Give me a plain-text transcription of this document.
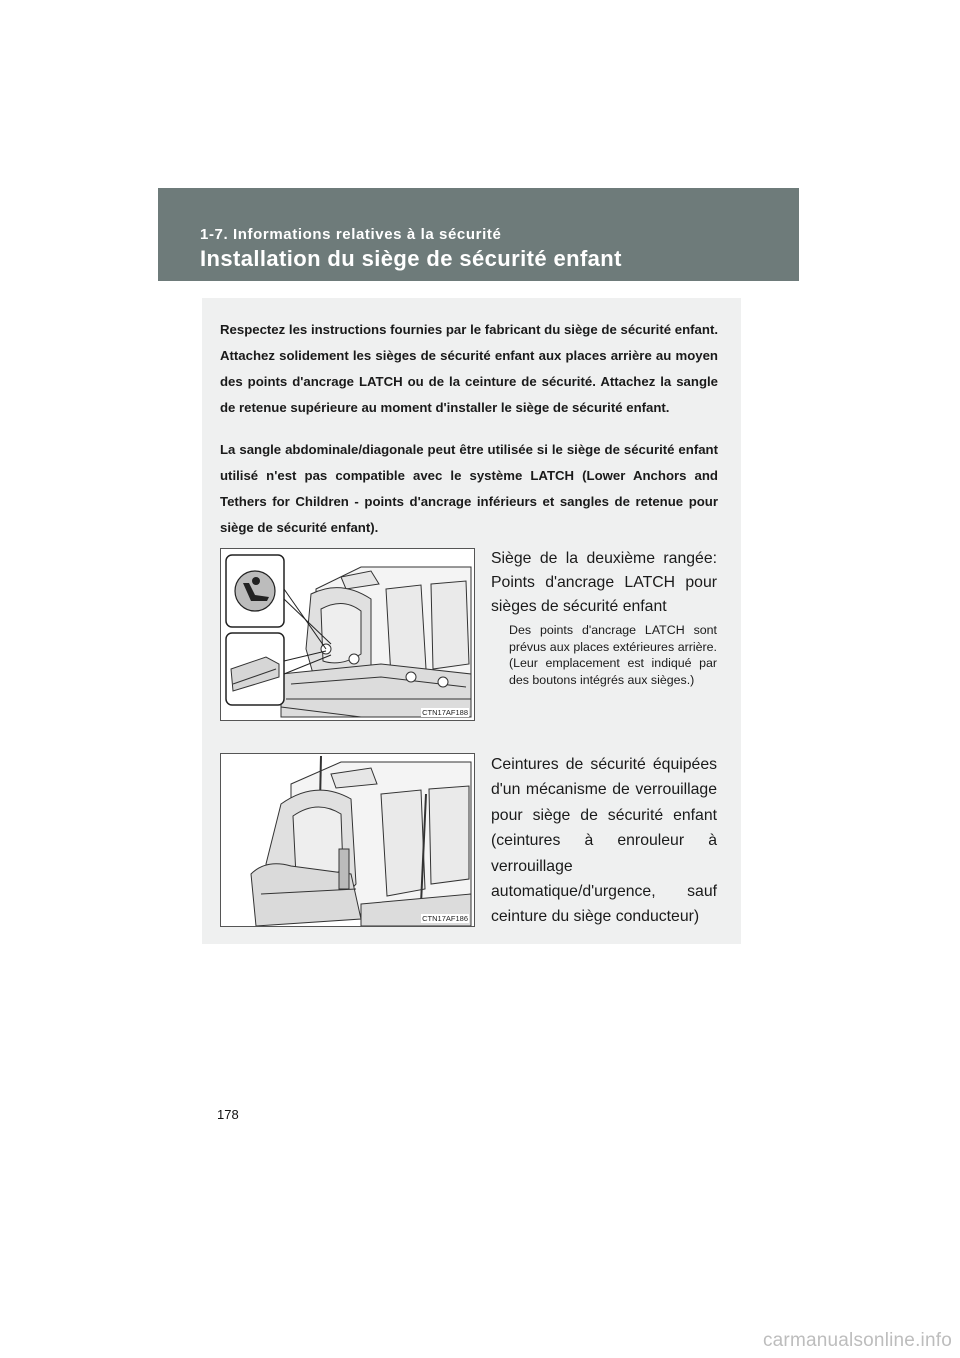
1-7. Informations relatives à la sécurité
Installation du siège de sécurité enfant

Respectez les instructions fournies par le fabricant du siège de sécurité enfant. Attachez solidement les sièges de sécurité enfant aux places arrière au moyen des points d'ancrage LATCH ou de la ceinture de sécurité. Attachez la sangle de retenue supérieure au moment d'installer le siège de sécurité enfant.

La sangle abdominale/diagonale peut être utilisée si le siège de sécurité enfant utilisé n'est pas compatible avec le système LATCH (Lower Anchors and Tethers for Children - points d'ancrage inférieurs et sangles de retenue pour siège de sécurité enfant).

CTN17AF188

Siège de la deuxième rangée: Points d'ancrage LATCH pour sièges de sécurité enfant

Des points d'ancrage LATCH sont prévus aux places extérieures arrière. (Leur emplacement est indiqué par des boutons intégrés aux sièges.)

CTN17AF186

Ceintures de sécurité équipées d'un mécanisme de verrouillage pour siège de sécurité enfant (ceintures à enrouleur à verrouillage automatique/d'urgence, sauf ceinture du siège conducteur)

178
carmanualsonline.info
